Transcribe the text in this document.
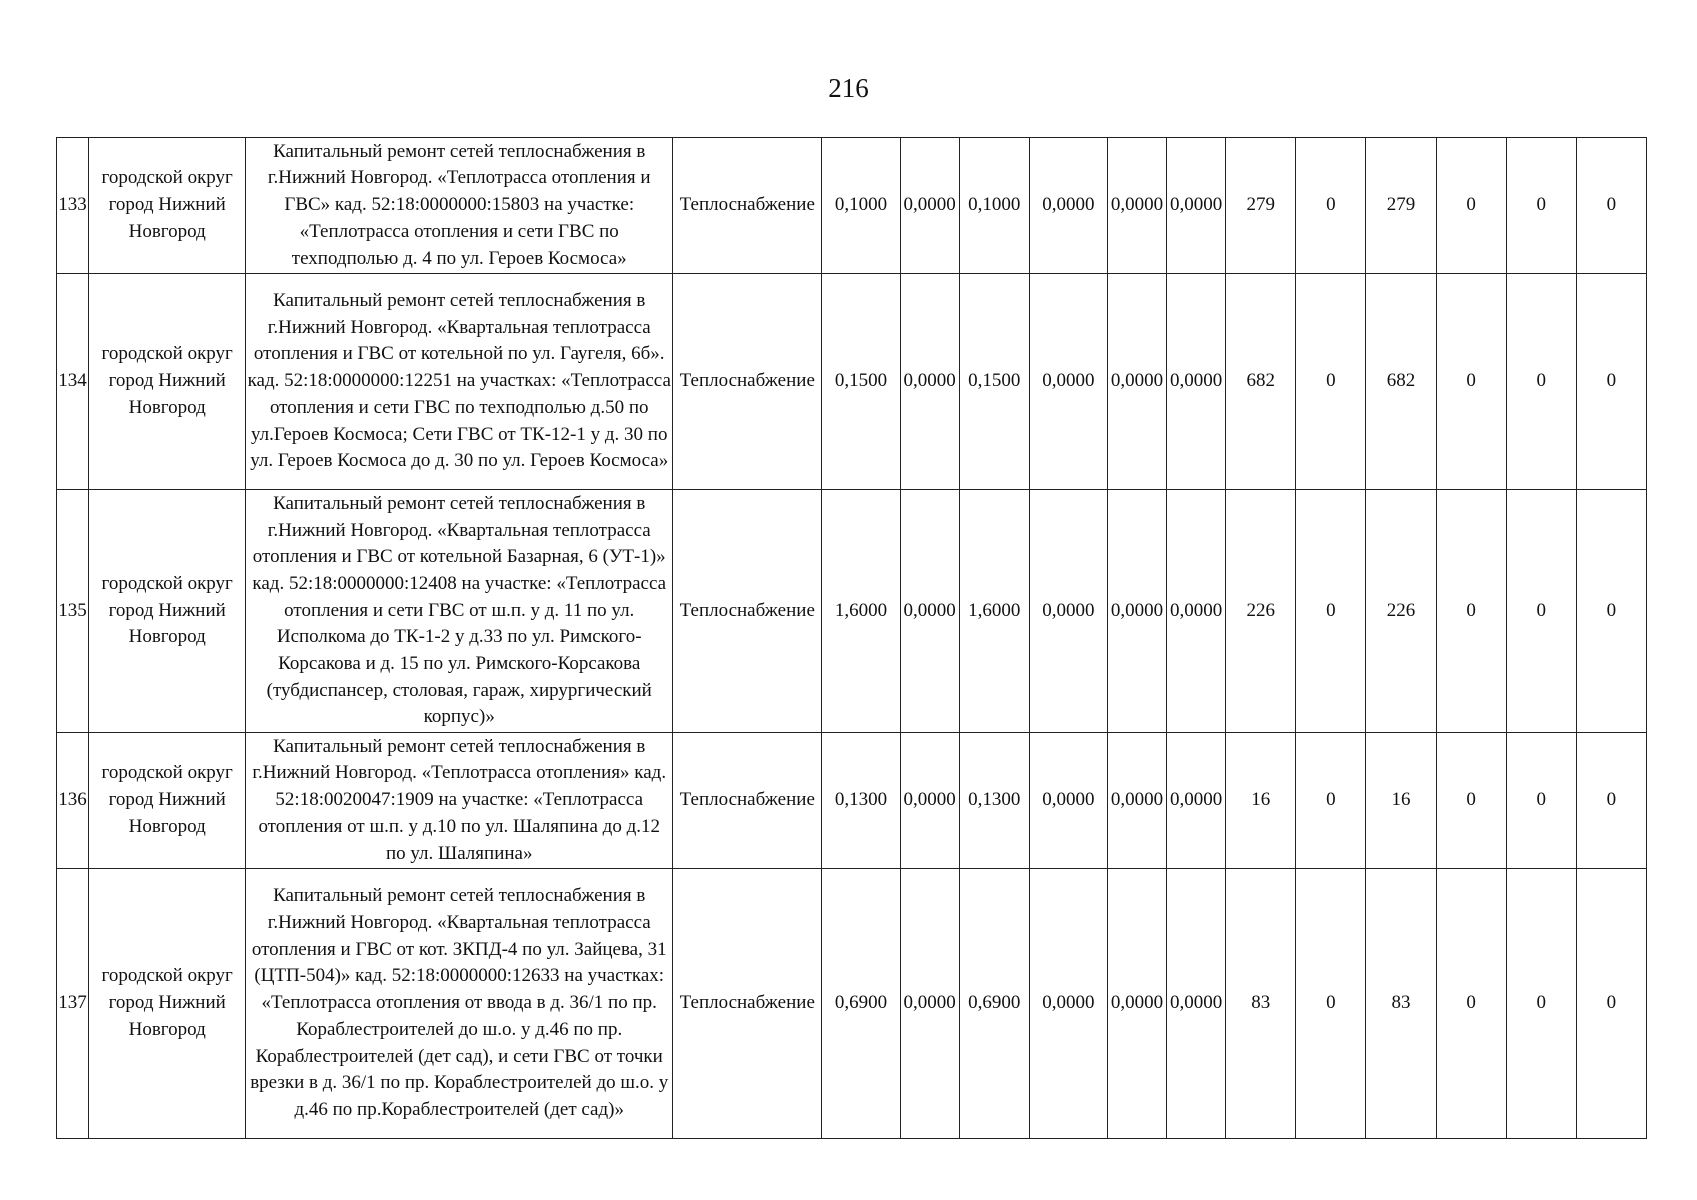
216
133	городской округ город Нижний Новгород	Капитальный ремонт сетей теплоснабжения в г.Нижний Новгород. «Теплотрасса отопления и ГВС» кад. 52:18:0000000:15803 на участке: «Теплотрасса отопления и сети ГВС по техподполью д. 4 по ул. Героев Космоса»	Теплоснабжение	0,1000	0,0000	0,1000	0,0000	0,0000	0,0000	279	0	279	0	0	0
134	городской округ город Нижний Новгород	Капитальный ремонт сетей теплоснабжения в г.Нижний Новгород. «Квартальная теплотрасса отопления и ГВС от котельной по ул. Гаугеля, 6б». кад. 52:18:0000000:12251 на участках: «Теплотрасса отопления и сети ГВС по техподполью д.50 по ул.Героев Космоса; Сети ГВС от ТК-12-1 у д. 30 по ул. Героев Космоса до д. 30 по ул. Героев Космоса»	Теплоснабжение	0,1500	0,0000	0,1500	0,0000	0,0000	0,0000	682	0	682	0	0	0
135	городской округ город Нижний Новгород	Капитальный ремонт сетей теплоснабжения в г.Нижний Новгород. «Квартальная теплотрасса отопления и ГВС от котельной Базарная, 6 (УТ-1)» кад. 52:18:0000000:12408 на участке: «Теплотрасса отопления и сети ГВС от ш.п. у д. 11 по ул. Исполкома до ТК-1-2 у д.33 по ул. Римского-Корсакова и д. 15 по ул. Римского-Корсакова (тубдиспансер, столовая, гараж, хирургический корпус)»	Теплоснабжение	1,6000	0,0000	1,6000	0,0000	0,0000	0,0000	226	0	226	0	0	0
136	городской округ город Нижний Новгород	Капитальный ремонт сетей теплоснабжения в г.Нижний Новгород. «Теплотрасса отопления» кад. 52:18:0020047:1909 на участке: «Теплотрасса отопления от ш.п. у д.10 по ул. Шаляпина до д.12 по ул. Шаляпина»	Теплоснабжение	0,1300	0,0000	0,1300	0,0000	0,0000	0,0000	16	0	16	0	0	0
137	городской округ город Нижний Новгород	Капитальный ремонт сетей теплоснабжения в г.Нижний Новгород. «Квартальная теплотрасса отопления и ГВС от кот. ЗКПД-4 по ул. Зайцева, 31 (ЦТП-504)» кад. 52:18:0000000:12633 на участках: «Теплотрасса отопления от ввода в д. 36/1 по пр. Кораблестроителей до ш.о. у д.46 по пр. Кораблестроителей (дет сад), и сети ГВС от точки врезки в д. 36/1 по пр. Кораблестроителей до ш.о. у д.46 по пр.Кораблестроителей (дет сад)»	Теплоснабжение	0,6900	0,0000	0,6900	0,0000	0,0000	0,0000	83	0	83	0	0	0
